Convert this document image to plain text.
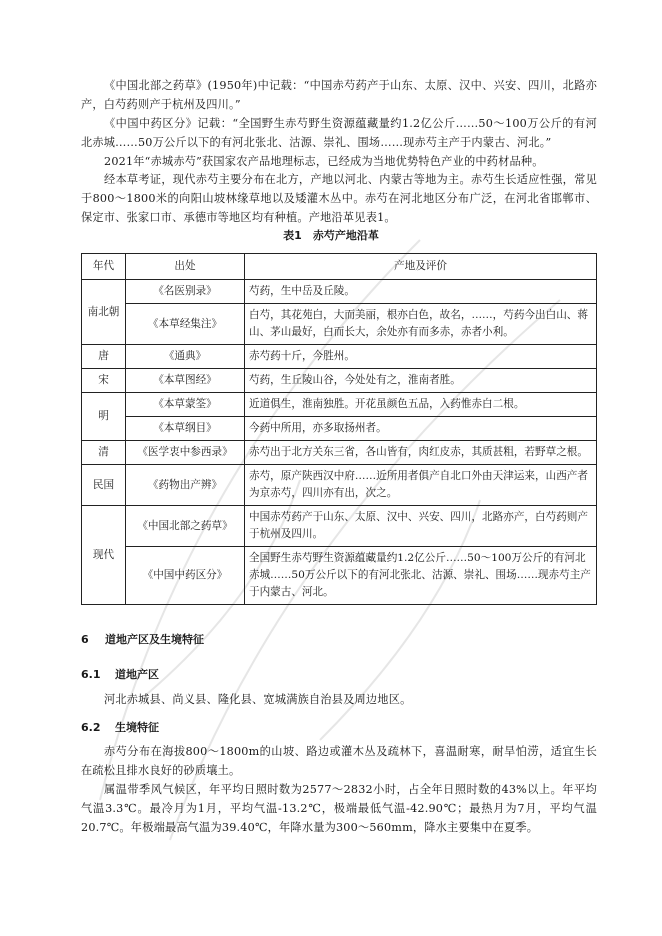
《中国北部之药草》(1950年)中记载：“中国赤芍药产于山东、太原、汉中、兴安、四川，北路亦产，白芍药则产于杭州及四川。”

《中国中药区分》记载：“全国野生赤芍野生资源蕴藏量约1.2亿公斤……50～100万公斤的有河北赤城……50万公斤以下的有河北张北、沽源、崇礼、围场……现赤芍主产于内蒙古、河北。”

2021年“赤城赤芍”获国家农产品地理标志，已经成为当地优势特色产业的中药材品种。

经本草考证，现代赤芍主要分布在北方，产地以河北、内蒙古等地为主。赤芍生长适应性强，常见于800～1800米的向阳山坡林缘草地以及矮灌木丛中。赤芍在河北地区分布广泛，在河北省邯郸市、保定市、张家口市、承德市等地区均有种植。产地沿革见表1。

表1　赤芍产地沿革
年代	出处	产地及评价
南北朝	《名医别录》	芍药，生中岳及丘陵。
	《本草经集注》	白芍，其花苑白，大而美丽，根亦白色，故名，……，芍药今出白山、蒋山、茅山最好，白而长大，余处亦有而多赤，赤者小利。
唐	《通典》	赤芍药十斤，今胜州。
宋	《本草图经》	芍药，生丘陵山谷，今处处有之，淮南者胜。
明	《本草蒙筌》	近道俱生，淮南独胜。开花虽颜色五品，入药惟赤白二根。
	《本草纲目》	今药中所用，亦多取扬州者。
清	《医学衷中参西录》	赤芍出于北方关东三省，各山皆有，肉红皮赤，其质甚粗，若野草之根。
民国	《药物出产辨》	赤芍，原产陕西汉中府……近所用者俱产自北口外由天津运来，山西产者为京赤芍，四川亦有出，次之。
现代	《中国北部之药草》	中国赤芍药产于山东、太原、汉中、兴安、四川，北路亦产，白芍药则产于杭州及四川。
	《中国中药区分》	全国野生赤芍野生资源蕴藏量约1.2亿公斤……50～100万公斤的有河北赤城……50万公斤以下的有河北张北、沽源、崇礼、围场……现赤芍主产于内蒙古、河北。
6 道地产区及生境特征
6.1 道地产区

河北赤城县、尚义县、隆化县、宽城满族自治县及周边地区。

6.2 生境特征

赤芍分布在海拔800～1800m的山坡、路边或灌木丛及疏林下，喜温耐寒，耐旱怕涝，适宜生长在疏松且排水良好的砂质壤土。

属温带季风气候区，年平均日照时数为2577～2832小时，占全年日照时数的43%以上。年平均气温3.3℃。最冷月为1月，平均气温-13.2℃，极端最低气温-42.90℃；最热月为7月，平均气温20.7℃。年极端最高气温为39.40℃，年降水量为300～560mm，降水主要集中在夏季。
